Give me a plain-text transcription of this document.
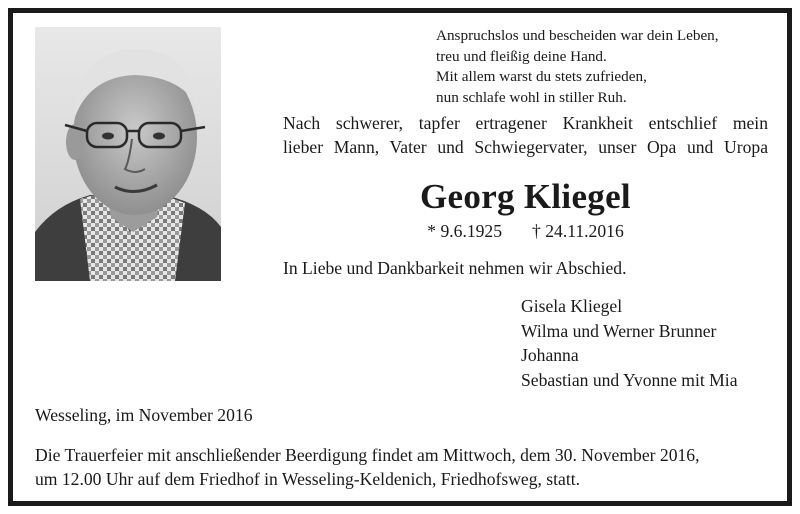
Anspruchslos und bescheiden war dein Leben,
treu und fleißig deine Hand.
Mit allem warst du stets zufrieden,
nun schlafe wohl in stiller Ruh.
Nach schwerer, tapfer ertragener Krankheit entschlief mein
lieber Mann, Vater und Schwiegervater, unser Opa und Uropa
Georg Kliegel
* 9.6.1925 † 24.11.2016
In Liebe und Dankbarkeit nehmen wir Abschied.
Gisela Kliegel
Wilma und Werner Brunner
Johanna
Sebastian und Yvonne mit Mia
Wesseling, im November 2016
Die Trauerfeier mit anschließender Beerdigung findet am Mittwoch, dem 30. November 2016,
um 12.00 Uhr auf dem Friedhof in Wesseling-Keldenich, Friedhofsweg, statt.
